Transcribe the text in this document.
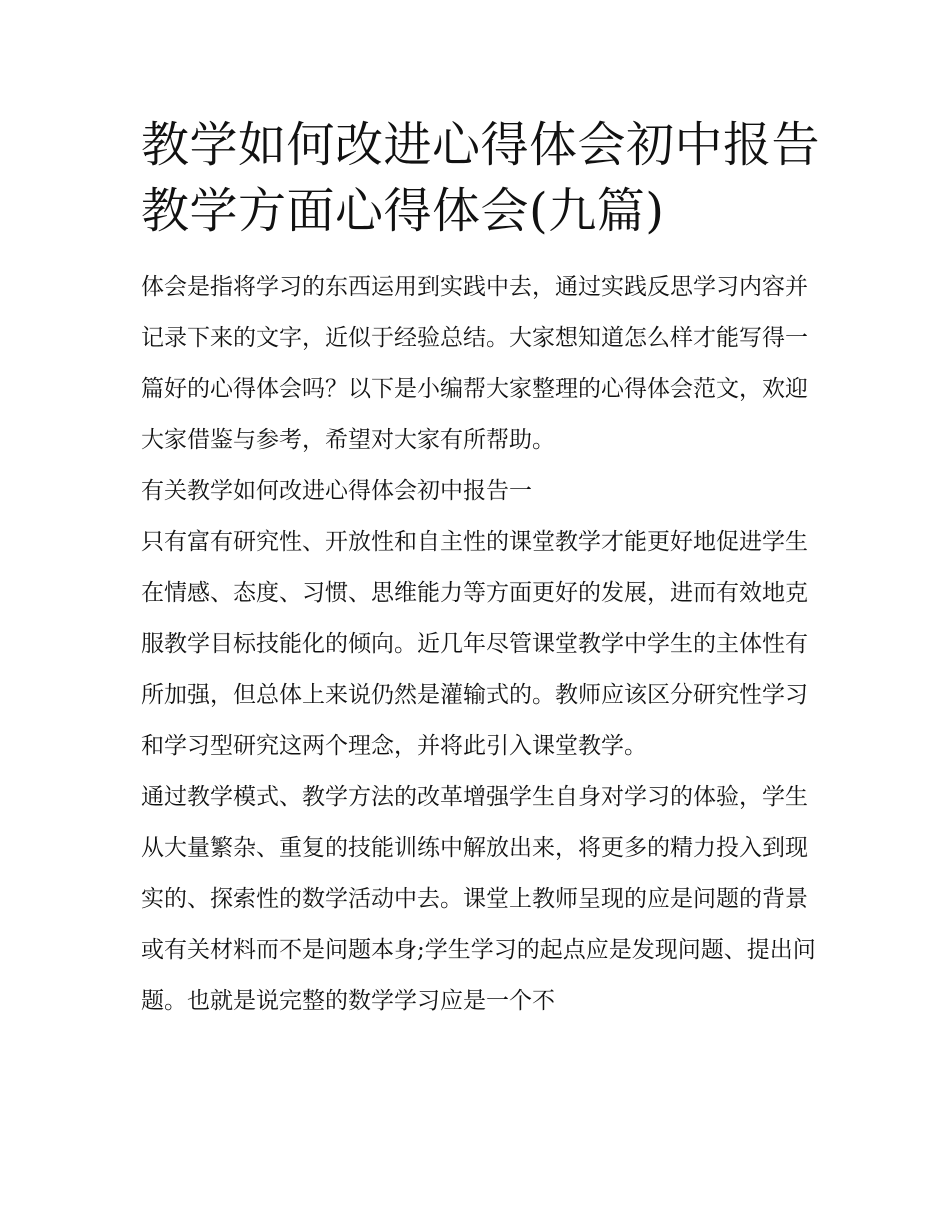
教学如何改进心得体会初中报告 教学方面心得体会(九篇)

体会是指将学习的东西运用到实践中去，通过实践反思学习内容并记录下来的文字，近似于经验总结。大家想知道怎么样才能写得一篇好的心得体会吗？以下是小编帮大家整理的心得体会范文，欢迎大家借鉴与参考，希望对大家有所帮助。

有关教学如何改进心得体会初中报告一

只有富有研究性、开放性和自主性的课堂教学才能更好地促进学生在情感、态度、习惯、思维能力等方面更好的发展，进而有效地克服教学目标技能化的倾向。近几年尽管课堂教学中学生的主体性有所加强，但总体上来说仍然是灌输式的。教师应该区分研究性学习和学习型研究这两个理念，并将此引入课堂教学。

通过教学模式、教学方法的改革增强学生自身对学习的体验，学生从大量繁杂、重复的技能训练中解放出来，将更多的精力投入到现实的、探索性的数学活动中去。课堂上教师呈现的应是问题的背景或有关材料而不是问题本身;学生学习的起点应是发现问题、提出问题。也就是说完整的数学学习应是一个不
